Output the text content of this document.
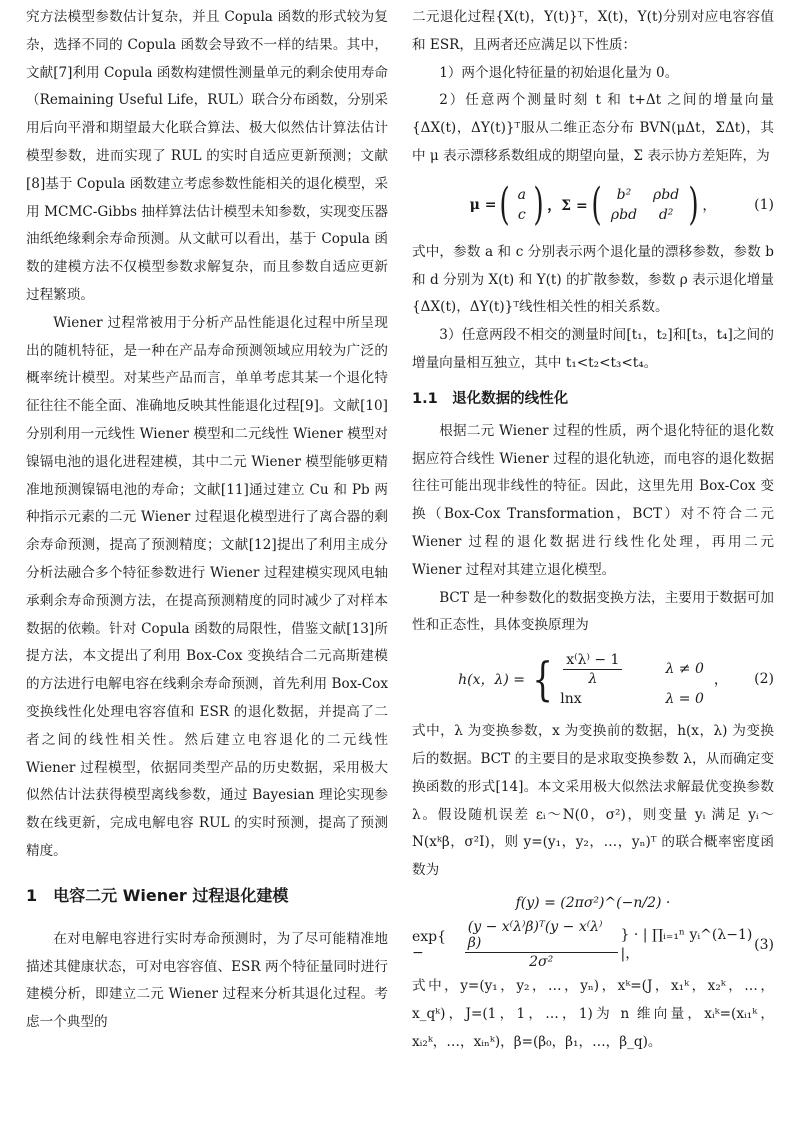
究方法模型参数估计复杂，并且 Copula 函数的形式较为复杂，选择不同的 Copula 函数会导致不一样的结果。其中，文献[7]利用 Copula 函数构建惯性测量单元的剩余使用寿命（Remaining Useful Life，RUL）联合分布函数，分别采用后向平滑和期望最大化联合算法、极大似然估计算法估计模型参数，进而实现了 RUL 的实时自适应更新预测；文献[8]基于 Copula 函数建立考虑参数性能相关的退化模型，采用 MCMC-Gibbs 抽样算法估计模型未知参数，实现变压器油纸绝缘剩余寿命预测。从文献可以看出，基于 Copula 函数的建模方法不仅模型参数求解复杂，而且参数自适应更新过程繁琐。

Wiener 过程常被用于分析产品性能退化过程中所呈现出的随机特征，是一种在产品寿命预测领域应用较为广泛的概率统计模型。对某些产品而言，单单考虑其某一个退化特征往往不能全面、准确地反映其性能退化过程[9]。文献[10]分别利用一元线性 Wiener 模型和二元线性 Wiener 模型对镍镉电池的退化进程建模，其中二元 Wiener 模型能够更精准地预测镍镉电池的寿命；文献[11]通过建立 Cu 和 Pb 两种指示元素的二元 Wiener 过程退化模型进行了离合器的剩余寿命预测，提高了预测精度；文献[12]提出了利用主成分分析法融合多个特征参数进行 Wiener 过程建模实现风电轴承剩余寿命预测方法，在提高预测精度的同时减少了对样本数据的依赖。针对 Copula 函数的局限性，借鉴文献[13]所提方法，本文提出了利用 Box-Cox 变换结合二元高斯建模的方法进行电解电容在线剩余寿命预测，首先利用 Box-Cox 变换线性化处理电容容值和 ESR 的退化数据，并提高了二者之间的线性相关性。然后建立电容退化的二元线性 Wiener 过程模型，依据同类型产品的历史数据，采用极大似然估计法获得模型离线参数，通过 Bayesian 理论实现参数在线更新，完成电解电容 RUL 的实时预测，提高了预测精度。

1　电容二元 Wiener 过程退化建模

在对电解电容进行实时寿命预测时，为了尽可能精准地描述其健康状态，可对电容容值、ESR 两个特征量同时进行建模分析，即建立二元 Wiener 过程来分析其退化过程。考虑一个典型的

二元退化过程{X(t)，Y(t)}ᵀ，X(t)，Y(t)分别对应电容容值和 ESR，且两者还应满足以下性质：

1）两个退化特征量的初始退化量为 0。

2）任意两个测量时刻 t 和 t+Δt 之间的增量向量{ΔX(t)，ΔY(t)}ᵀ服从二维正态分布 BVN(μΔt，ΣΔt)，其中 μ 表示漂移系数组成的期望向量，Σ 表示协方差矩阵，为

μ = ( a
c ) ，Σ = (	b²	ρbd
ρbd	d² ) ，	(1)

式中，参数 a 和 c 分别表示两个退化量的漂移参数，参数 b 和 d 分别为 X(t) 和 Y(t) 的扩散参数，参数 ρ 表示退化增量{ΔX(t)，ΔY(t)}ᵀ线性相关性的相关系数。

3）任意两段不相交的测量时间[t₁，t₂]和[t₃，t₄]之间的增量向量相互独立，其中 t₁<t₂<t₃<t₄。

1.1　退化数据的线性化

根据二元 Wiener 过程的性质，两个退化特征的退化数据应符合线性 Wiener 过程的退化轨迹，而电容的退化数据往往可能出现非线性的特征。因此，这里先用 Box-Cox 变换（Box-Cox Transformation，BCT）对不符合二元 Wiener 过程的退化数据进行线性化处理，再用二元 Wiener 过程对其建立退化模型。

BCT 是一种参数化的数据变换方法，主要用于数据可加性和正态性，具体变换原理为

h(x，λ) = { $\frac{x^(\lambda^) - 1}{\lambda}$	λ ≠ 0
lnx	λ = 0
， (2)

式中，λ 为变换参数，x 为变换前的数据，h(x，λ) 为变换后的数据。BCT 的主要目的是求取变换参数 λ，从而确定变换函数的形式[14]。本文采用极大似然法求解最优变换参数 λ。假设随机误差 εᵢ～N(0，σ²)，则变量 yᵢ 满足 yᵢ～N(xᵏβ，σ²I)，则 y=(y₁，y₂，…，yₙ)ᵀ 的联合概率密度函数为

f(y) = (2πσ²)^(−n/2) ·
exp{ −	$\frac{\text{(y − x⁽λ⁾β)ᵀ(y − x⁽λ⁾β)}}{\text{2σ²}}$ } · | ∏ᵢ₌₁ⁿ yᵢ^(λ−1) |，
(3)

式中，y=(y₁，y₂，…，yₙ)，xᵏ=(J，x₁ᵏ，x₂ᵏ，…，x_qᵏ)，J=(1，1，…，1)为 n 维向量，xᵢᵏ=(xᵢ₁ᵏ，xᵢ₂ᵏ，…，xᵢₙᵏ)，β=(β₀，β₁，…，β_q)。
